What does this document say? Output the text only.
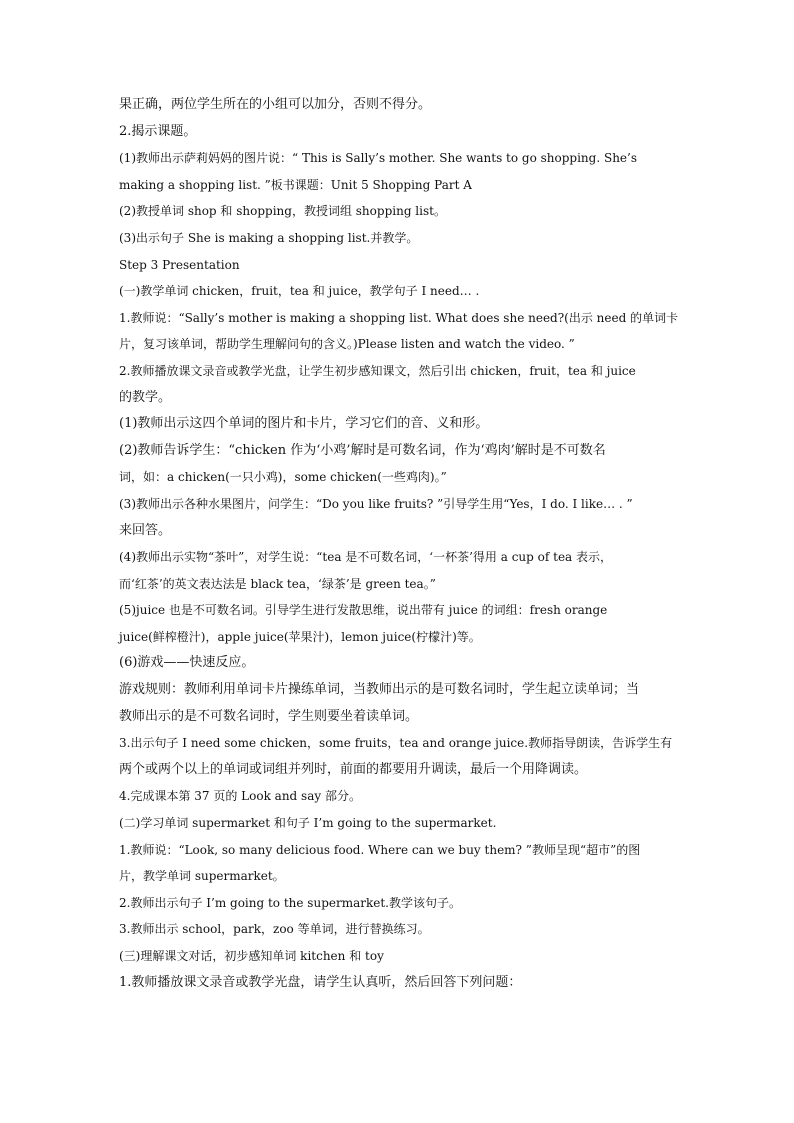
果正确，两位学生所在的小组可以加分，否则不得分。

2.揭示课题。

(1)教师出示萨莉妈妈的图片说：“ This is Sally’s mother. She wants to go shopping. She’s

making a shopping list. ”板书课题：Unit 5 Shopping Part A

(2)教授单词 shop 和 shopping，教授词组 shopping list。

(3)出示句子 She is making a shopping list.并教学。

Step 3 Presentation

(一)教学单词 chicken，fruit，tea 和 juice，教学句子 I need… .

1.教师说：“Sally’s mother is making a shopping list. What does she need?(出示 need 的单词卡

片，复习该单词，帮助学生理解问句的含义。)Please listen and watch the video. ”

2.教师播放课文录音或教学光盘，让学生初步感知课文，然后引出 chicken，fruit，tea 和 juice

的教学。

(1)教师出示这四个单词的图片和卡片，学习它们的音、义和形。

(2)教师告诉学生：“chicken 作为‘小鸡’解时是可数名词，作为‘鸡肉’解时是不可数名

词，如：a chicken(一只小鸡)，some chicken(一些鸡肉)。”

(3)教师出示各种水果图片，问学生：“Do you like fruits? ”引导学生用“Yes，I do. I like… . ”

来回答。

(4)教师出示实物“茶叶”，对学生说：“tea 是不可数名词，‘一杯茶’得用 a cup of tea 表示，

而‘红茶’的英文表达法是 black tea，‘绿茶’是 green tea。”

(5)juice 也是不可数名词。引导学生进行发散思维，说出带有 juice 的词组：fresh orange

juice(鲜榨橙汁)，apple juice(苹果汁)，lemon juice(柠檬汁)等。

(6)游戏——快速反应。

游戏规则：教师利用单词卡片操练单词，当教师出示的是可数名词时，学生起立读单词；当

教师出示的是不可数名词时，学生则要坐着读单词。

3.出示句子 I need some chicken，some fruits，tea and orange juice.教师指导朗读，告诉学生有

两个或两个以上的单词或词组并列时，前面的都要用升调读，最后一个用降调读。

4.完成课本第 37 页的 Look and say 部分。

(二)学习单词 supermarket 和句子 I’m going to the supermarket.

1.教师说：“Look, so many delicious food. Where can we buy them? ”教师呈现“超市”的图

片，教学单词 supermarket。

2.教师出示句子 I’m going to the supermarket.教学该句子。

3.教师出示 school，park，zoo 等单词，进行替换练习。

(三)理解课文对话，初步感知单词 kitchen 和 toy

1.教师播放课文录音或教学光盘，请学生认真听，然后回答下列问题：
